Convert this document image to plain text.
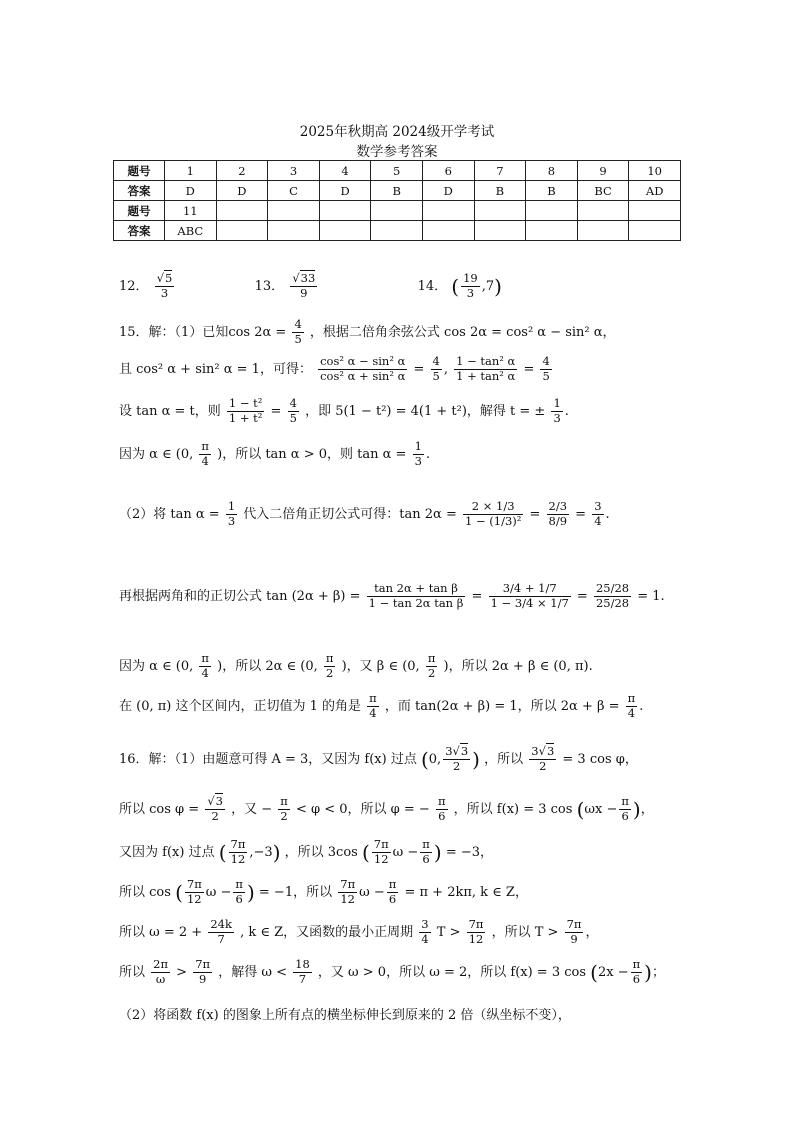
2025年秋期高 2024级开学考试
数学参考答案
题号	1	2	3	4	5	6	7	8	9	10
答案	D	D	C	D	B	D	B	B	BC	AD
题号	11									
答案	ABC									
12． $\frac{√5}{3}$	13． $\frac{√33}{9}$	14． ( $\frac{19}{3} ,7$)
15．解：（1）已知$\cos 2\alpha = \frac{4}{5}$ ，根据二倍角余弦公式 cos 2α = cos² α − sin² α，
且 cos² α + sin² α = 1，可得： $\frac{\text{cos² α − sin² α}}{\text{cos² α + sin² α}} = \frac{4}{5}$ , $\frac{\text{1 − tan² α}}{\text{1 + tan² α}} = \frac{4}{5}$
设 tan α = t，则 $\frac{\text{1 − t²}}{\text{1 + t²}} = \frac{4}{5}$ ，即 5(1 − t²) = 4(1 + t²)，解得 t = ± $\frac{1}{3}$ .
因为 α ∈ (0, $\frac{\pi}{4}$ )，所以 tan α > 0，则 $\tan \alpha = \frac{1}{3}$ .
（2）将 $\tan \alpha = \frac{1}{3}$ 代入二倍角正切公式可得：$\tan 2\alpha = \frac{2 \times 1/3}{\text{1 − (1/3)²}} = \frac{2/3}{8/9} = \frac{3}{4}$ .
再根据两角和的正切公式 $\tan (2\alpha + \beta) = \frac{\text{tan 2α + tan β}}{\text{1 − tan 2α tan β}} = \frac{3/4 + 1/7}{1 - 3/4 \times 1/7} = \frac{25/28}{25/28} = 1$.
因为 α ∈ (0, $\frac{\pi}{4}$ )，所以 2α ∈ (0, $\frac{\pi}{2}$ )，又 β ∈ (0, $\frac{\pi}{2}$ )，所以 2α + β ∈ (0, π).
在 (0, π) 这个区间内，正切值为 1 的角是 $\frac{\pi}{4}$ ，而 tan(2α + β) = 1，所以 $2\alpha + \beta = \frac{\pi}{4}$ .
16．解：（1）由题意可得 A = 3，又因为 f(x) 过点 (0, $\frac{3√3}{2}$ ) ，所以 $\frac{3√3}{2} = 3$ cos φ，
所以 $\cos \varphi = \frac{√3}{2}$ ，又 − $\frac{\pi}{2} < \varphi < 0$，所以 φ = − $\frac{\pi}{6}$ ，所以 f(x) = 3 $\cos (\omega x - \frac{\pi}{6}$ )，
又因为 f(x) 过点 ( $\frac{7\pi}{12} ,-3$) ，所以 3cos ( $\frac{7\pi}{12}$ $\omega - \frac{\pi}{6}$ ) = −3，
所以 cos ( $\frac{7\pi}{12}$ $\omega - \frac{\pi}{6}$ ) = −1，所以 $\frac{7\pi}{12}$ $\omega - \frac{\pi}{6} = \pi + 2k\pi$, k ∈ Z，
所以 $\omega = 2 + \frac{24k}{7}$ , k ∈ Z，又函数的最小正周期 $\frac{3}{4}$ $T > \frac{7\pi}{12}$ ，所以 $T > \frac{7\pi}{9}$ ，
所以 $\frac{2\pi}{\omega} > \frac{7\pi}{9}$ ，解得 $\omega < \frac{18}{7}$ ，又 ω > 0，所以 ω = 2，所以 f(x) = 3 $\cos (2x - \frac{\pi}{6}$ )；
（2）将函数 f(x) 的图象上所有点的横坐标伸长到原来的 2 倍（纵坐标不变），
